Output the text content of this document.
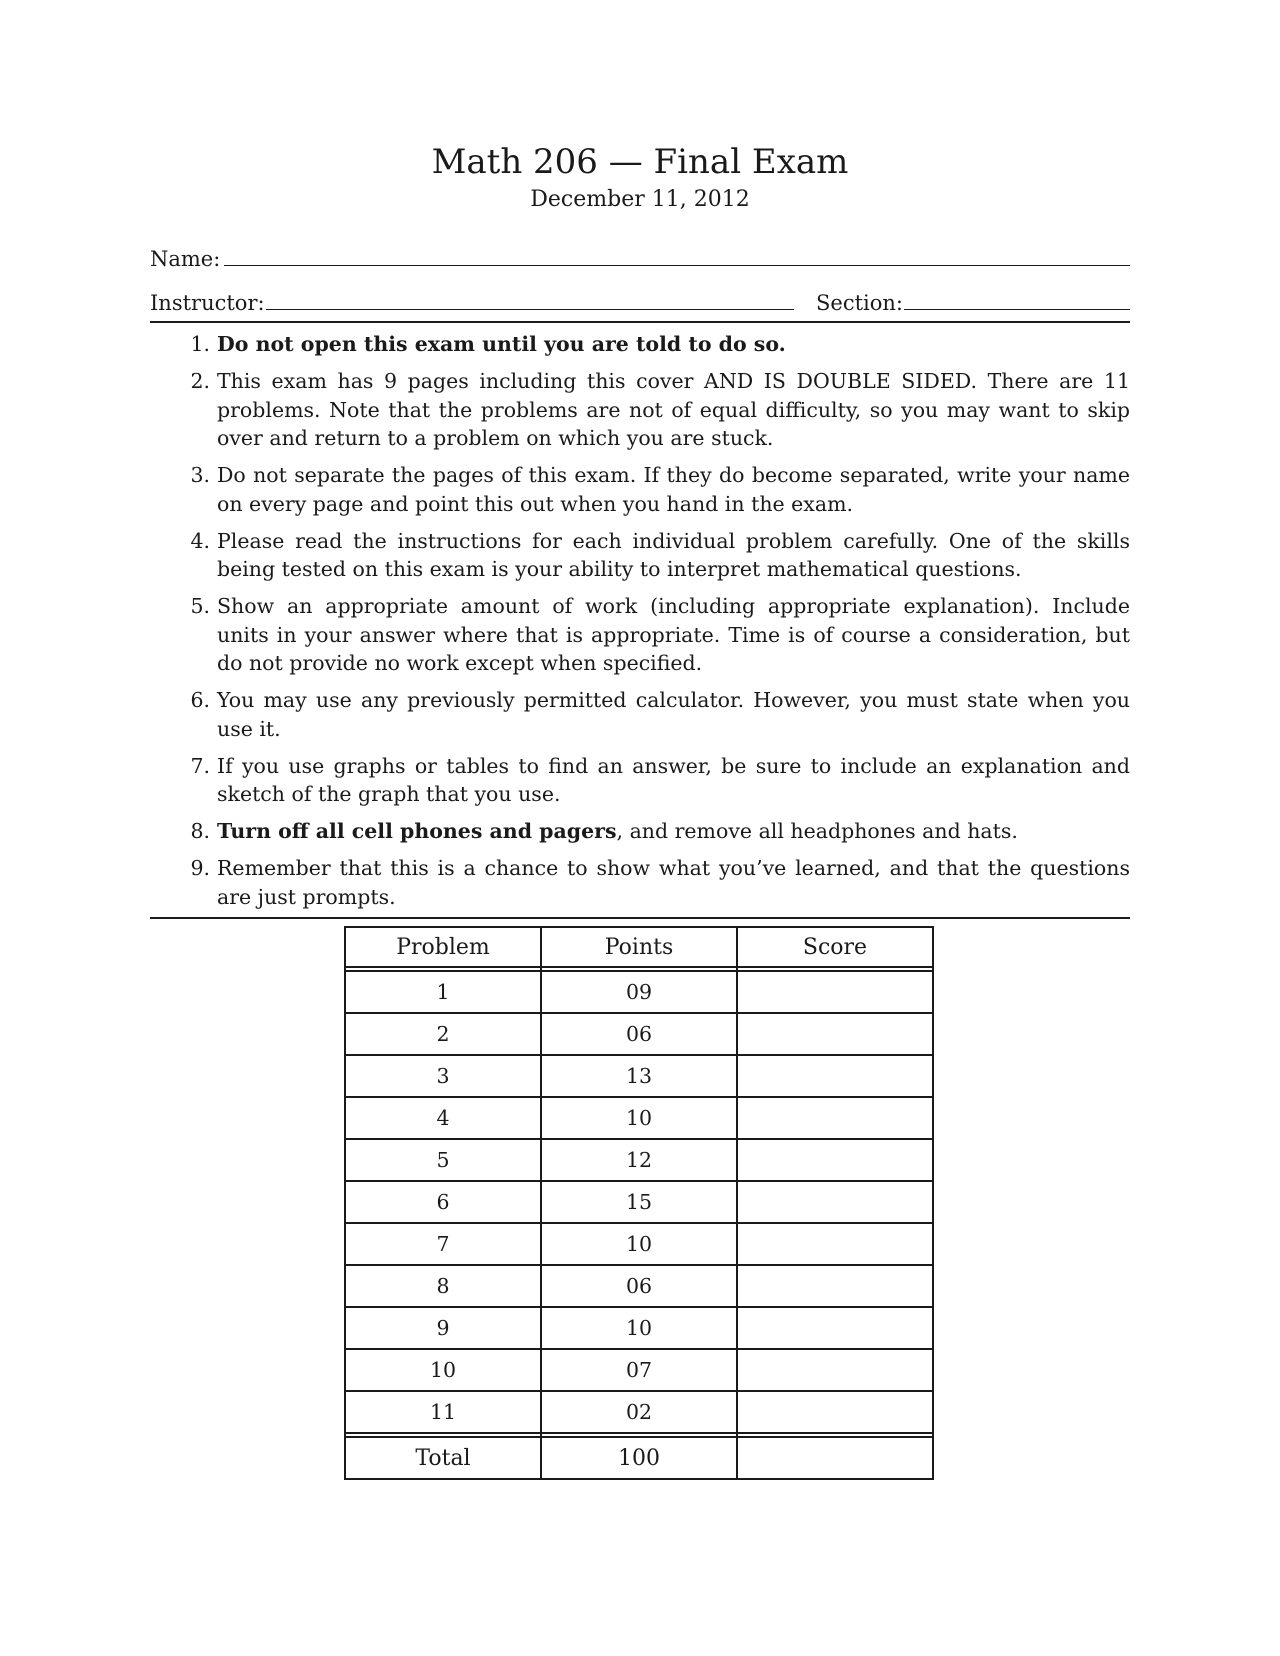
Math 206 — Final Exam
December 11, 2012
Name:
Instructor:	Section:
1. Do not open this exam until you are told to do so.
2. This exam has 9 pages including this cover AND IS DOUBLE SIDED. There are 11 problems. Note that the problems are not of equal difficulty, so you may want to skip over and return to a problem on which you are stuck.
3. Do not separate the pages of this exam. If they do become separated, write your name on every page and point this out when you hand in the exam.
4. Please read the instructions for each individual problem carefully. One of the skills being tested on this exam is your ability to interpret mathematical questions.
5. Show an appropriate amount of work (including appropriate explanation). Include units in your answer where that is appropriate. Time is of course a consideration, but do not provide no work except when specified.
6. You may use any previously permitted calculator. However, you must state when you use it.
7. If you use graphs or tables to find an answer, be sure to include an explanation and sketch of the graph that you use.
8. Turn off all cell phones and pagers, and remove all headphones and hats.
9. Remember that this is a chance to show what you’ve learned, and that the questions are just prompts.
Problem	Points	Score

1	09	
2	06	
3	13	
4	10	
5	12	
6	15	
7	10	
8	06	
9	10	
10	07	
11	02	

Total	100	
